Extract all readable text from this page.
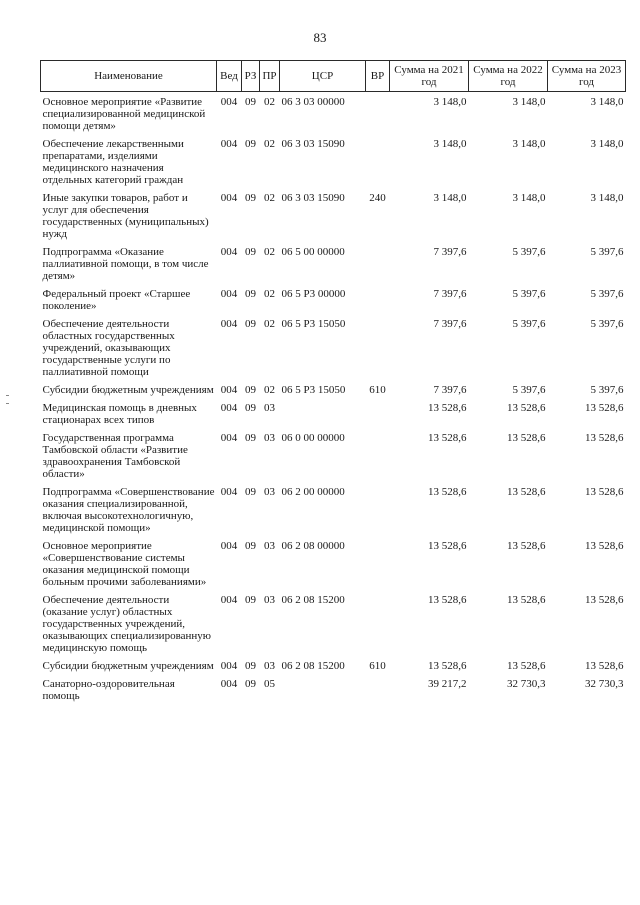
83
Наименование	Вед	РЗ	ПР	ЦСР	ВР	Сумма на 2021 год	Сумма на 2022 год	Сумма на 2023 год
Основное мероприятие «Развитие специализированной медицинской помощи детям»	004	09	02	06 3 03 00000		3 148,0	3 148,0	3 148,0
Обеспечение лекарственными препаратами, изделиями медицинского назначения отдельных категорий граждан	004	09	02	06 3 03 15090		3 148,0	3 148,0	3 148,0
Иные закупки товаров, работ и услуг для обеспечения государственных (муниципальных) нужд	004	09	02	06 3 03 15090	240	3 148,0	3 148,0	3 148,0
Подпрограмма «Оказание паллиативной помощи, в том числе детям»	004	09	02	06 5 00 00000		7 397,6	5 397,6	5 397,6
Федеральный проект «Старшее поколение»	004	09	02	06 5 P3 00000		7 397,6	5 397,6	5 397,6
Обеспечение деятельности областных государственных учреждений, оказывающих государственные услуги по паллиативной помощи	004	09	02	06 5 P3 15050		7 397,6	5 397,6	5 397,6
Субсидии бюджетным учреждениям	004	09	02	06 5 P3 15050	610	7 397,6	5 397,6	5 397,6
Медицинская помощь в дневных стационарах всех типов	004	09	03			13 528,6	13 528,6	13 528,6
Государственная программа Тамбовской области «Развитие здравоохранения Тамбовской области»	004	09	03	06 0 00 00000		13 528,6	13 528,6	13 528,6
Подпрограмма «Совершенствование оказания специализированной, включая высокотехнологичную, медицинской помощи»	004	09	03	06 2 00 00000		13 528,6	13 528,6	13 528,6
Основное мероприятие «Совершенствование системы оказания медицинской помощи больным прочими заболеваниями»	004	09	03	06 2 08 00000		13 528,6	13 528,6	13 528,6
Обеспечение деятельности (оказание услуг) областных государственных учреждений, оказывающих специализированную медицинскую помощь	004	09	03	06 2 08 15200		13 528,6	13 528,6	13 528,6
Субсидии бюджетным учреждениям	004	09	03	06 2 08 15200	610	13 528,6	13 528,6	13 528,6
Санаторно-оздоровительная помощь	004	09	05			39 217,2	32 730,3	32 730,3
